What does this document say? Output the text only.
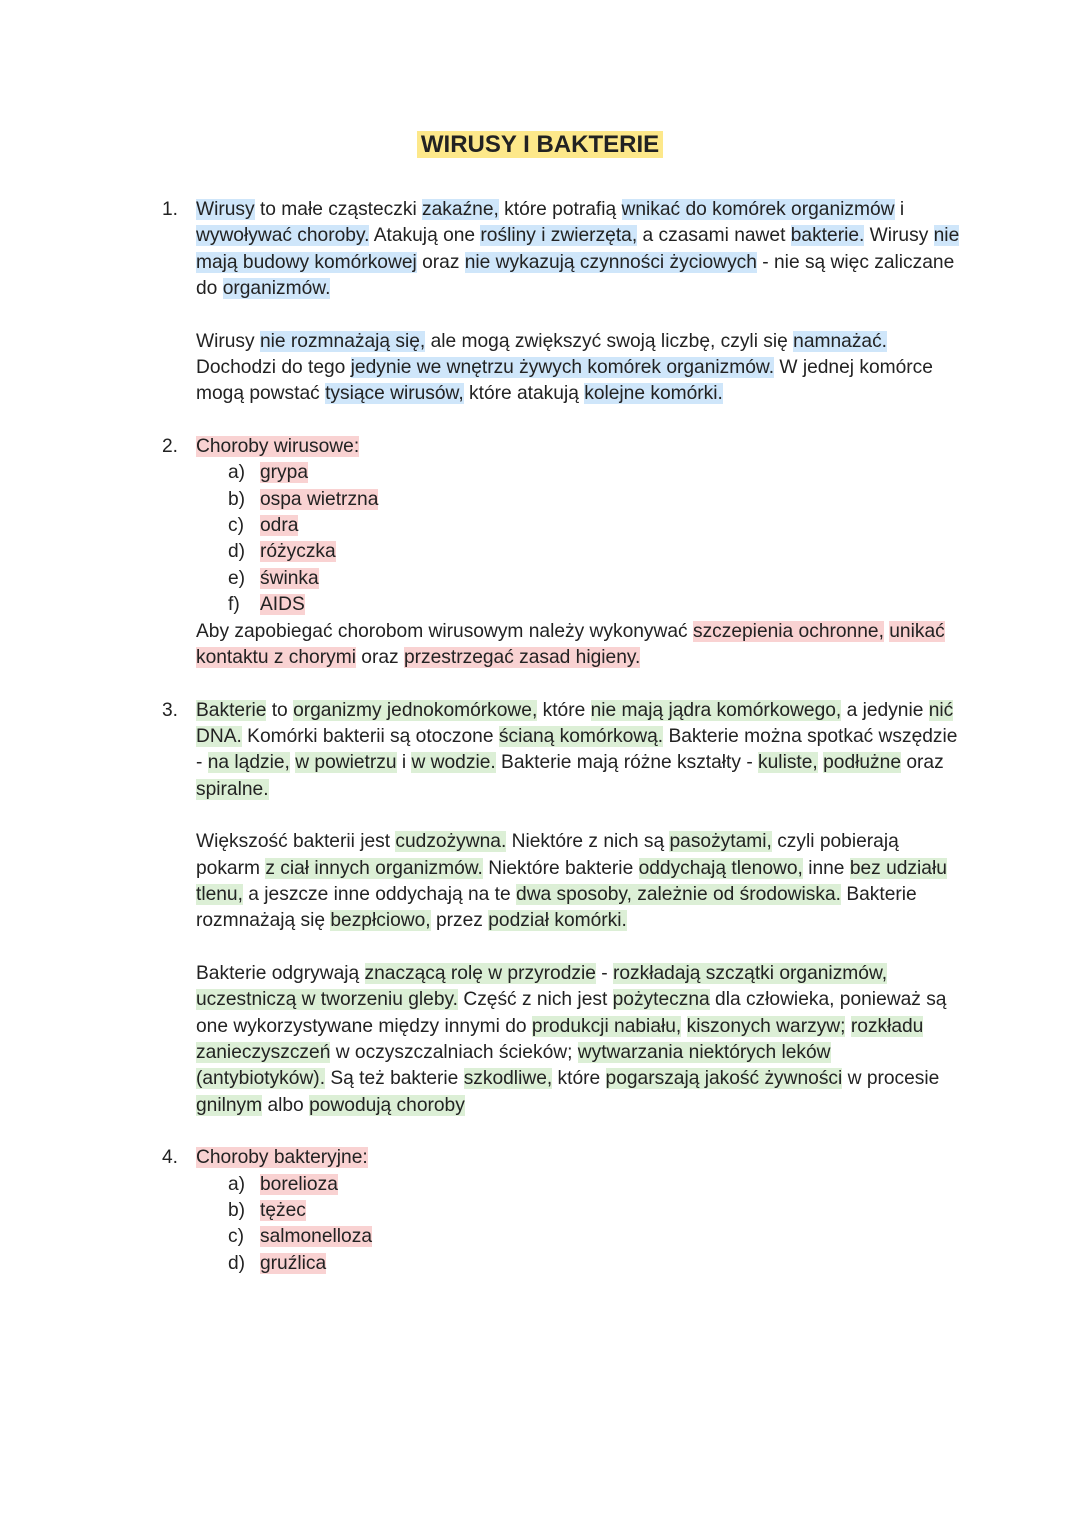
WIRUSY I BAKTERIE
1. Wirusy to małe cząsteczki zakaźne, które potrafią wnikać do komórek organizmów i wywoływać choroby. Atakują one rośliny i zwierzęta, a czasami nawet bakterie. Wirusy nie mają budowy komórkowej oraz nie wykazują czynności życiowych - nie są więc zaliczane do organizmów.

Wirusy nie rozmnażają się, ale mogą zwiększyć swoją liczbę, czyli się namnażać. Dochodzi do tego jedynie we wnętrzu żywych komórek organizmów. W jednej komórce mogą powstać tysiące wirusów, które atakują kolejne komórki.

2. Choroby wirusowe:

a) grypa
b) ospa wietrzna
c) odra
d) różyczka
e) świnka
f) AIDS

Aby zapobiegać chorobom wirusowym należy wykonywać szczepienia ochronne, unikać kontaktu z chorymi oraz przestrzegać zasad higieny.

3. Bakterie to organizmy jednokomórkowe, które nie mają jądra komórkowego, a jedynie nić DNA. Komórki bakterii są otoczone ścianą komórkową. Bakterie można spotkać wszędzie - na lądzie, w powietrzu i w wodzie. Bakterie mają różne kształty - kuliste, podłużne oraz spiralne.

Większość bakterii jest cudzożywna. Niektóre z nich są pasożytami, czyli pobierają pokarm z ciał innych organizmów. Niektóre bakterie oddychają tlenowo, inne bez udziału tlenu, a jeszcze inne oddychają na te dwa sposoby, zależnie od środowiska. Bakterie rozmnażają się bezpłciowo, przez podział komórki.

Bakterie odgrywają znaczącą rolę w przyrodzie - rozkładają szczątki organizmów, uczestniczą w tworzeniu gleby. Część z nich jest pożyteczna dla człowieka, ponieważ są one wykorzystywane między innymi do produkcji nabiału, kiszonych warzyw; rozkładu zanieczyszczeń w oczyszczalniach ścieków; wytwarzania niektórych leków (antybiotyków). Są też bakterie szkodliwe, które pogarszają jakość żywności w procesie gnilnym albo powodują choroby

4. Choroby bakteryjne:

a) borelioza
b) tężec
c) salmonelloza
d) gruźlica
